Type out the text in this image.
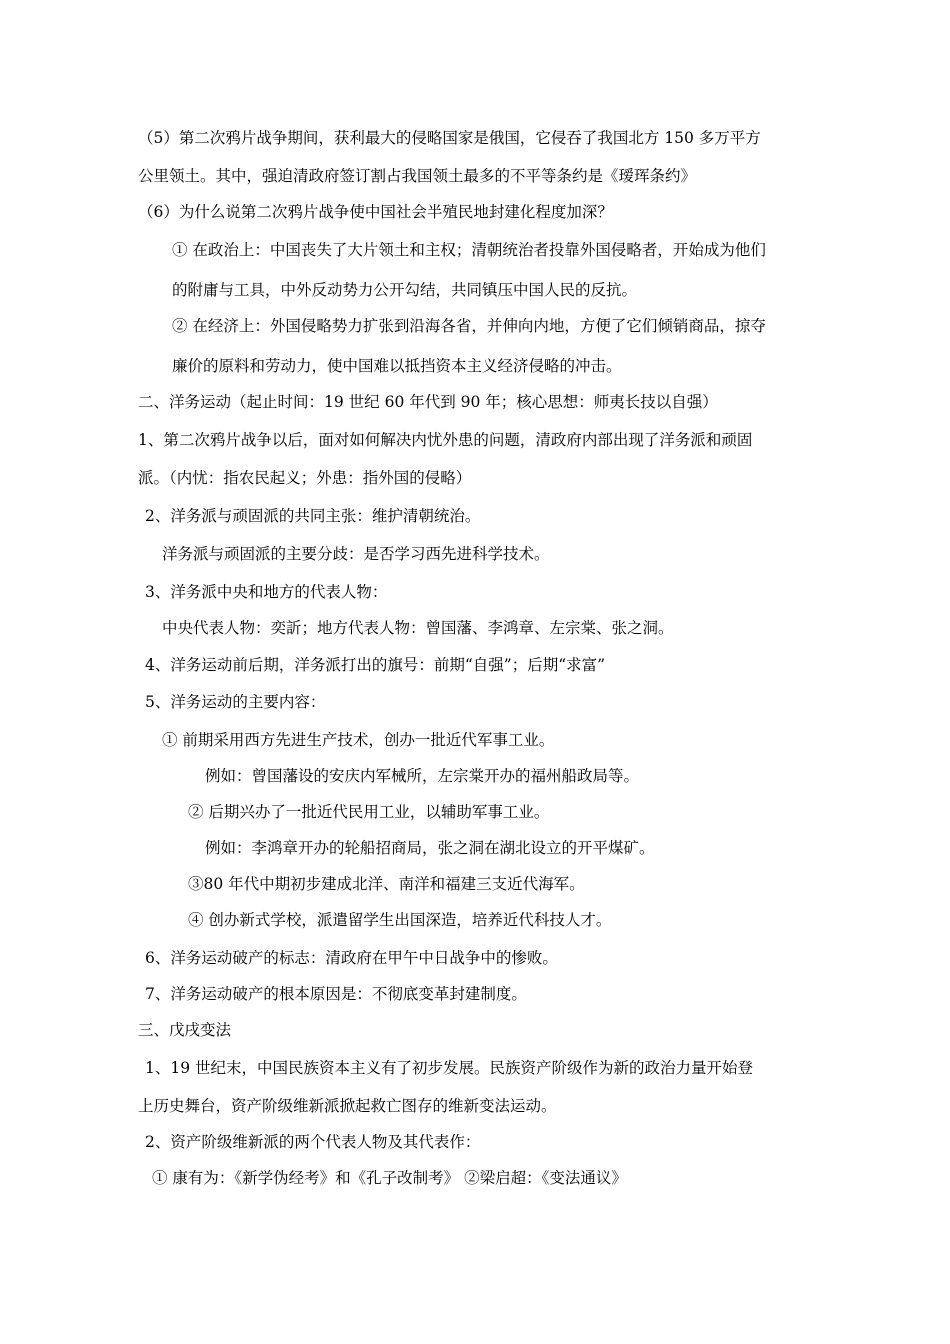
（5）第二次鸦片战争期间，获利最大的侵略国家是俄国，它侵吞了我国北方 150 多万平方
公里领土。其中，强迫清政府签订割占我国领土最多的不平等条约是《瑷珲条约》
（6）为什么说第二次鸦片战争使中国社会半殖民地封建化程度加深？
① 在政治上：中国丧失了大片领土和主权；清朝统治者投靠外国侵略者，开始成为他们
的附庸与工具，中外反动势力公开勾结，共同镇压中国人民的反抗。
② 在经济上：外国侵略势力扩张到沿海各省，并伸向内地，方便了它们倾销商品，掠夺
廉价的原料和劳动力，使中国难以抵挡资本主义经济侵略的冲击。
二、洋务运动（起止时间：19 世纪 60 年代到 90 年；核心思想：师夷长技以自强）
1、第二次鸦片战争以后，面对如何解决内忧外患的问题，清政府内部出现了洋务派和顽固
派。（内忧：指农民起义；外患：指外国的侵略）
2、洋务派与顽固派的共同主张：维护清朝统治。
洋务派与顽固派的主要分歧：是否学习西先进科学技术。
3、洋务派中央和地方的代表人物：
中央代表人物：奕訢；地方代表人物：曾国藩、李鸿章、左宗棠、张之洞。
4、洋务运动前后期，洋务派打出的旗号：前期“自强”；后期“求富”
5、洋务运动的主要内容：
① 前期采用西方先进生产技术，创办一批近代军事工业。
例如：曾国藩设的安庆内军械所，左宗棠开办的福州船政局等。
② 后期兴办了一批近代民用工业，以辅助军事工业。
例如：李鸿章开办的轮船招商局，张之洞在湖北设立的开平煤矿。
③80 年代中期初步建成北洋、南洋和福建三支近代海军。
④ 创办新式学校，派遣留学生出国深造，培养近代科技人才。
6、洋务运动破产的标志：清政府在甲午中日战争中的惨败。
7、洋务运动破产的根本原因是：不彻底变革封建制度。
三、戊戌变法
1、19 世纪末，中国民族资本主义有了初步发展。民族资产阶级作为新的政治力量开始登
上历史舞台，资产阶级维新派掀起救亡图存的维新变法运动。
2、资产阶级维新派的两个代表人物及其代表作：
① 康有为：《新学伪经考》和《孔子改制考》 ②梁启超：《变法通议》
